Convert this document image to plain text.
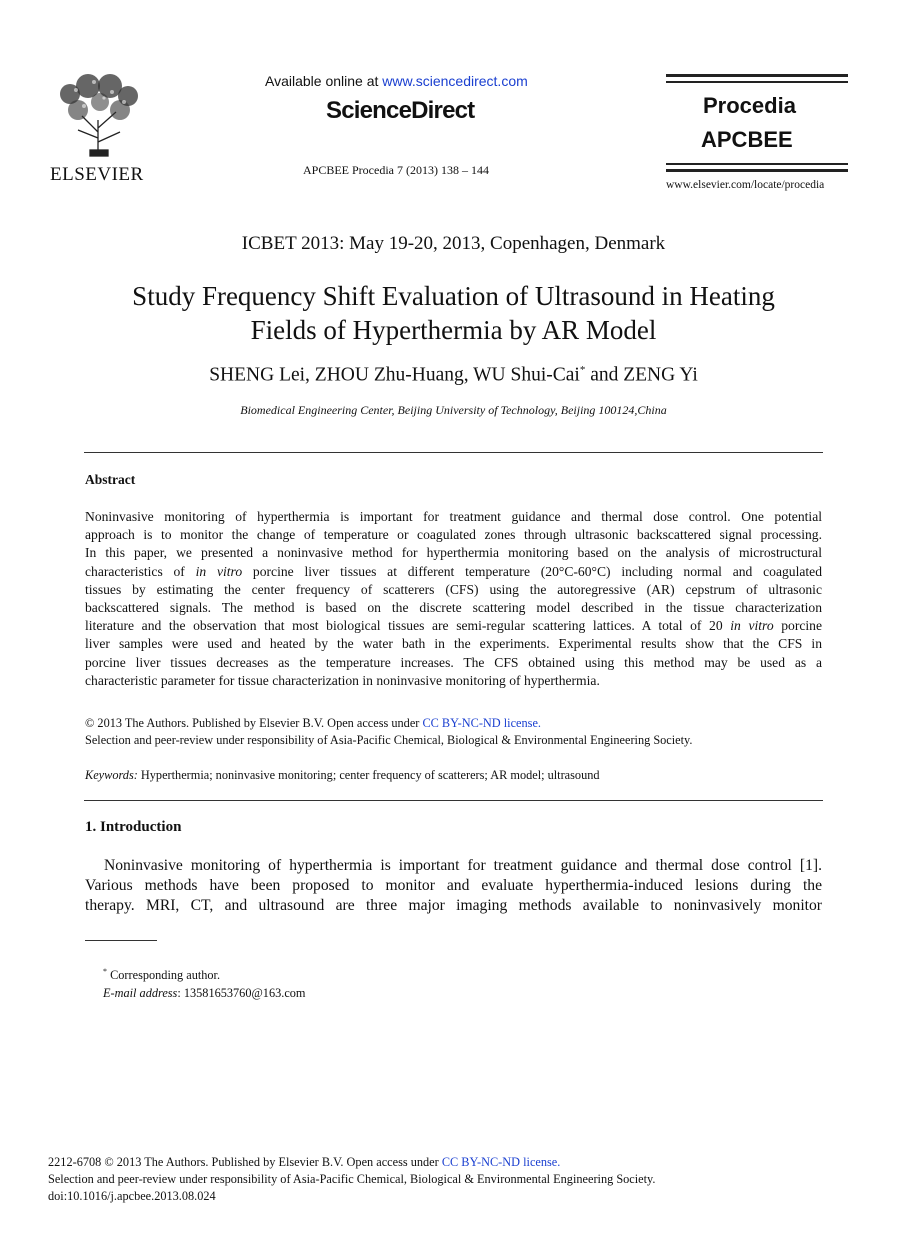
ELSEVIER
Available online at www.sciencedirect.com
ScienceDirect
APCBEE Procedia 7 (2013) 138 – 144
Procedia
APCBEE
www.elsevier.com/locate/procedia
ICBET 2013: May 19-20, 2013, Copenhagen, Denmark
Study Frequency Shift Evaluation of Ultrasound in Heating
Fields of Hyperthermia by AR Model
SHENG Lei, ZHOU Zhu-Huang, WU Shui-Cai* and ZENG Yi
Biomedical Engineering Center, Beijing University of Technology, Beijing 100124,China
Abstract
Noninvasive monitoring of hyperthermia is important for treatment guidance and thermal dose control. One potential
approach is to monitor the change of temperature or coagulated zones through ultrasonic backscattered signal processing.
In this paper, we presented a noninvasive method for hyperthermia monitoring based on the analysis of microstructural
characteristics of in vitro porcine liver tissues at different temperature (20°C-60°C) including normal and coagulated
tissues by estimating the center frequency of scatterers (CFS) using the autoregressive (AR) cepstrum of ultrasonic
backscattered signals. The method is based on the discrete scattering model described in the tissue characterization
literature and the observation that most biological tissues are semi-regular scattering lattices. A total of 20 in vitro porcine
liver samples were used and heated by the water bath in the experiments. Experimental results show that the CFS in
porcine liver tissues decreases as the temperature increases. The CFS obtained using this method may be used as a
characteristic parameter for tissue characterization in noninvasive monitoring of hyperthermia.
© 2013 The Authors. Published by Elsevier B.V. Open access under CC BY-NC-ND license.
Selection and peer-review under responsibility of Asia-Pacific Chemical, Biological & Environmental Engineering Society.
Keywords: Hyperthermia; noninvasive monitoring; center frequency of scatterers; AR model; ultrasound
1. Introduction
Noninvasive monitoring of hyperthermia is important for treatment guidance and thermal dose control [1].
Various methods have been proposed to monitor and evaluate hyperthermia-induced lesions during the
therapy. MRI, CT, and ultrasound are three major imaging methods available to noninvasively monitor
* Corresponding author.
E-mail address: 13581653760@163.com
2212-6708 © 2013 The Authors. Published by Elsevier B.V. Open access under CC BY-NC-ND license.
Selection and peer-review under responsibility of Asia-Pacific Chemical, Biological & Environmental Engineering Society.
doi:10.1016/j.apcbee.2013.08.024
